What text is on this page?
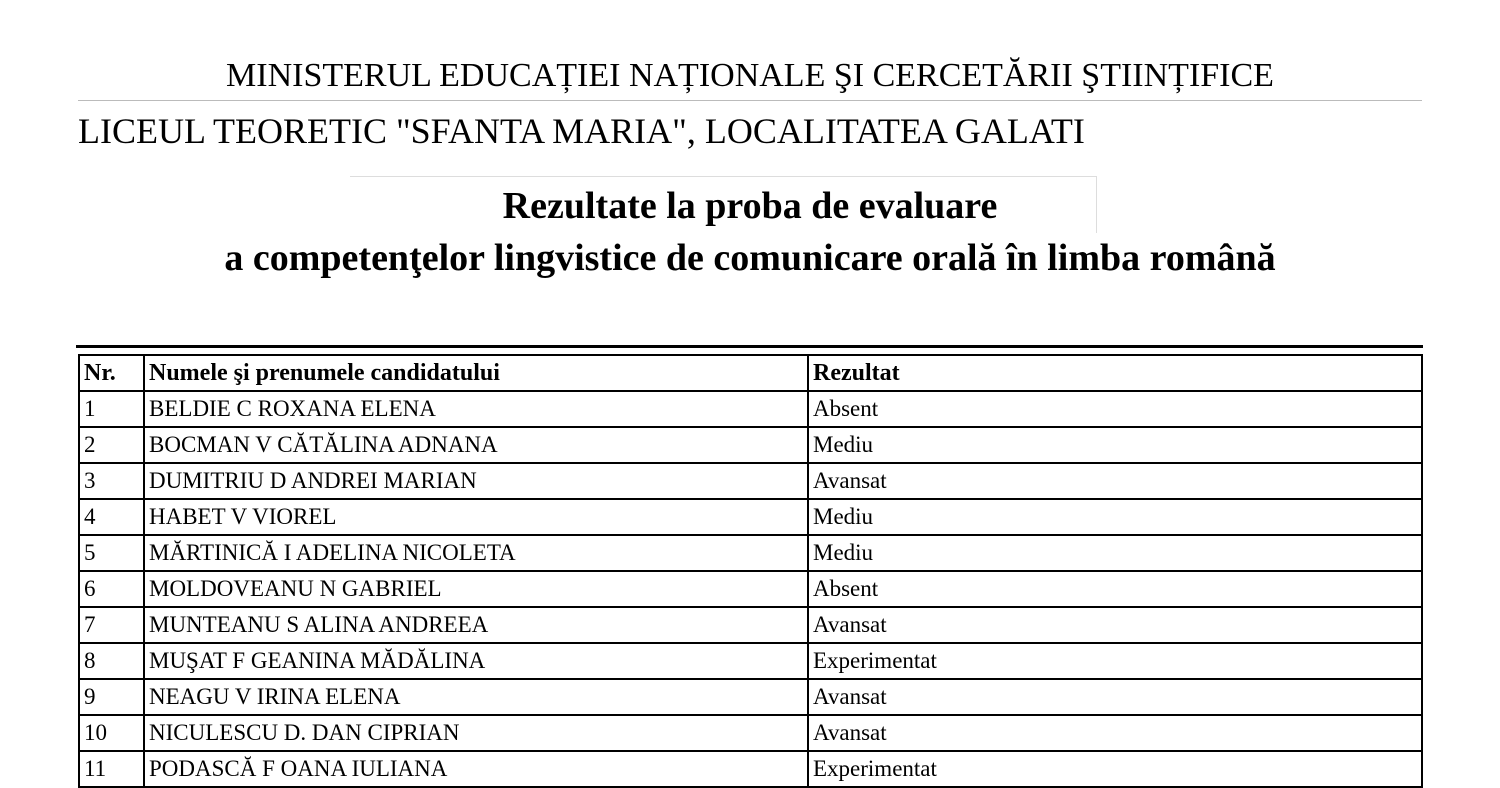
MINISTERUL EDUCAȚIEI NAȚIONALE ŞI CERCETĂRII ŞTIINȚIFICE
LICEUL TEORETIC "SFANTA MARIA", LOCALITATEA GALATI
Rezultate la proba de evaluare
a competenţelor lingvistice de comunicare orală în limba română
Nr.	Numele şi prenumele candidatului	Rezultat
1	BELDIE C ROXANA ELENA	Absent
2	BOCMAN V CĂTĂLINA ADNANA	Mediu
3	DUMITRIU D ANDREI MARIAN	Avansat
4	HABET V VIOREL	Mediu
5	MĂRTINICĂ I ADELINA NICOLETA	Mediu
6	MOLDOVEANU N GABRIEL	Absent
7	MUNTEANU S ALINA ANDREEA	Avansat
8	MUŞAT F GEANINA MĂDĂLINA	Experimentat
9	NEAGU V IRINA ELENA	Avansat
10	NICULESCU D. DAN CIPRIAN	Avansat
11	PODASCĂ F OANA IULIANA	Experimentat
